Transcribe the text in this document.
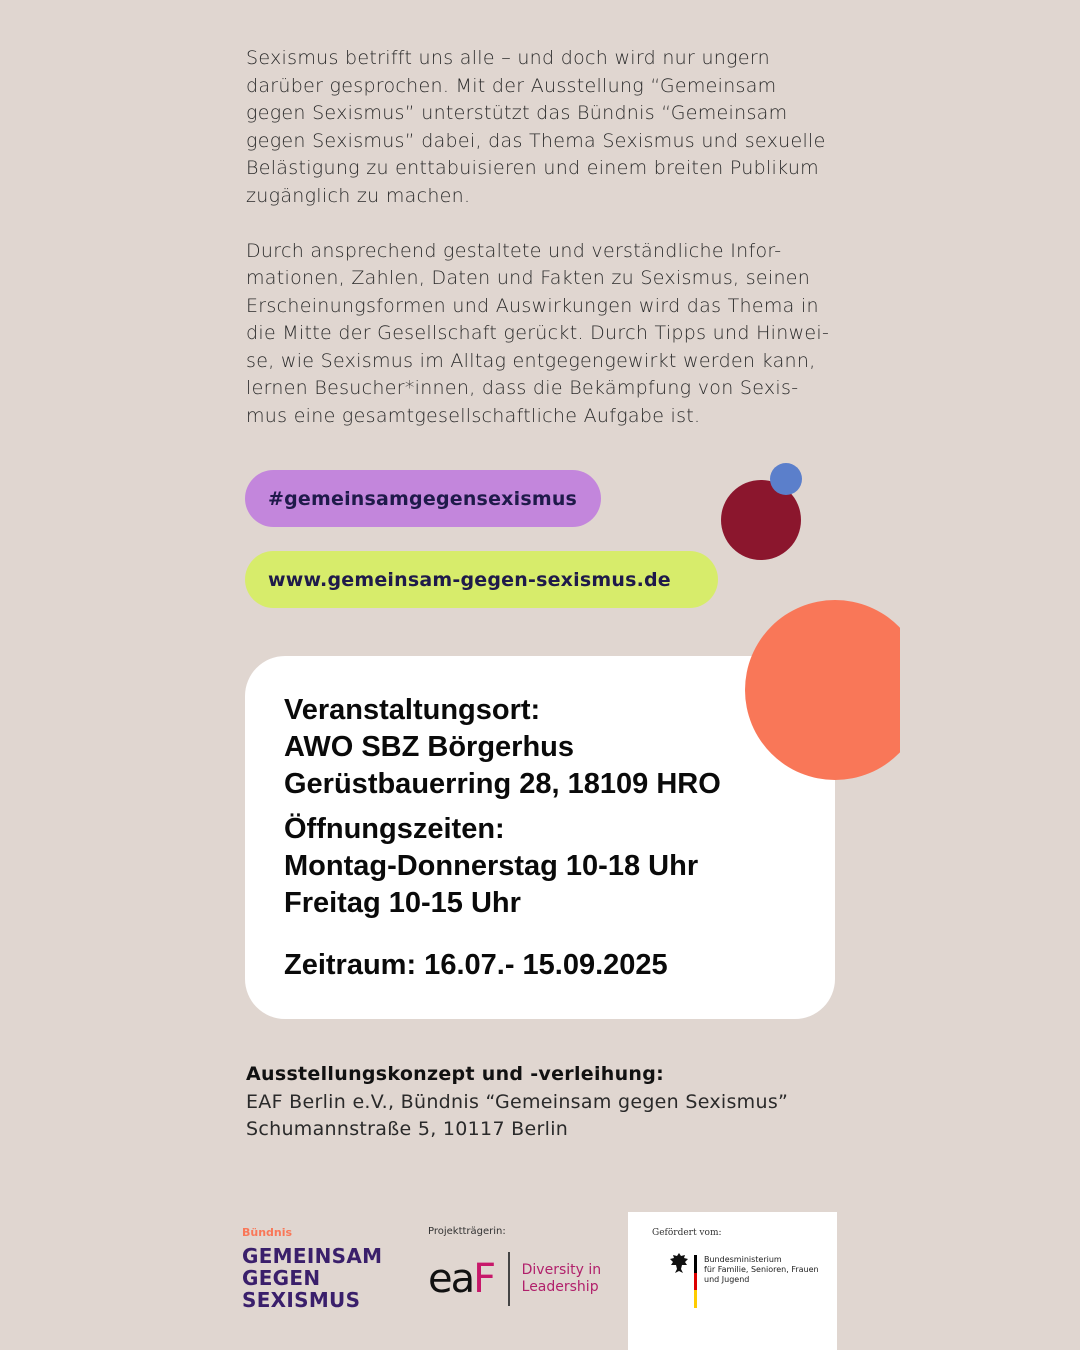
Sexismus betrifft uns alle – und doch wird nur ungern
darüber gesprochen. Mit der Ausstellung “Gemeinsam
gegen Sexismus” unterstützt das Bündnis “Gemeinsam
gegen Sexismus” dabei, das Thema Sexismus und sexuelle
Belästigung zu enttabuisieren und einem breiten Publikum
zugänglich zu machen.

Durch ansprechend gestaltete und verständliche Infor-
mationen, Zahlen, Daten und Fakten zu Sexismus, seinen
Erscheinungsformen und Auswirkungen wird das Thema in
die Mitte der Gesellschaft gerückt. Durch Tipps und Hinwei-
se, wie Sexismus im Alltag entgegengewirkt werden kann,
lernen Besucher*innen, dass die Bekämpfung von Sexis-
mus eine gesamtgesellschaftliche Aufgabe ist.

#gemeinsamgegensexismus
www.gemeinsam-gegen-sexismus.de
Veranstaltungsort:
AWO SBZ Börgerhus
Gerüstbauerring 28, 18109 HRO
Öffnungszeiten:
Montag-Donnerstag 10-18 Uhr
Freitag 10-15 Uhr
Zeitraum: 16.07.- 15.09.2025
Ausstellungskonzept und -verleihung:
EAF Berlin e.V., Bündnis “Gemeinsam gegen Sexismus”
Schumannstraße 5, 10117 Berlin
Bündnis
GEMEINSAM
GEGEN
SEXISMUS
Projektträgerin:
eaF Diversity in
Leadership
Gefördert vom:
Bundesministerium
für Familie, Senioren, Frauen
und Jugend
